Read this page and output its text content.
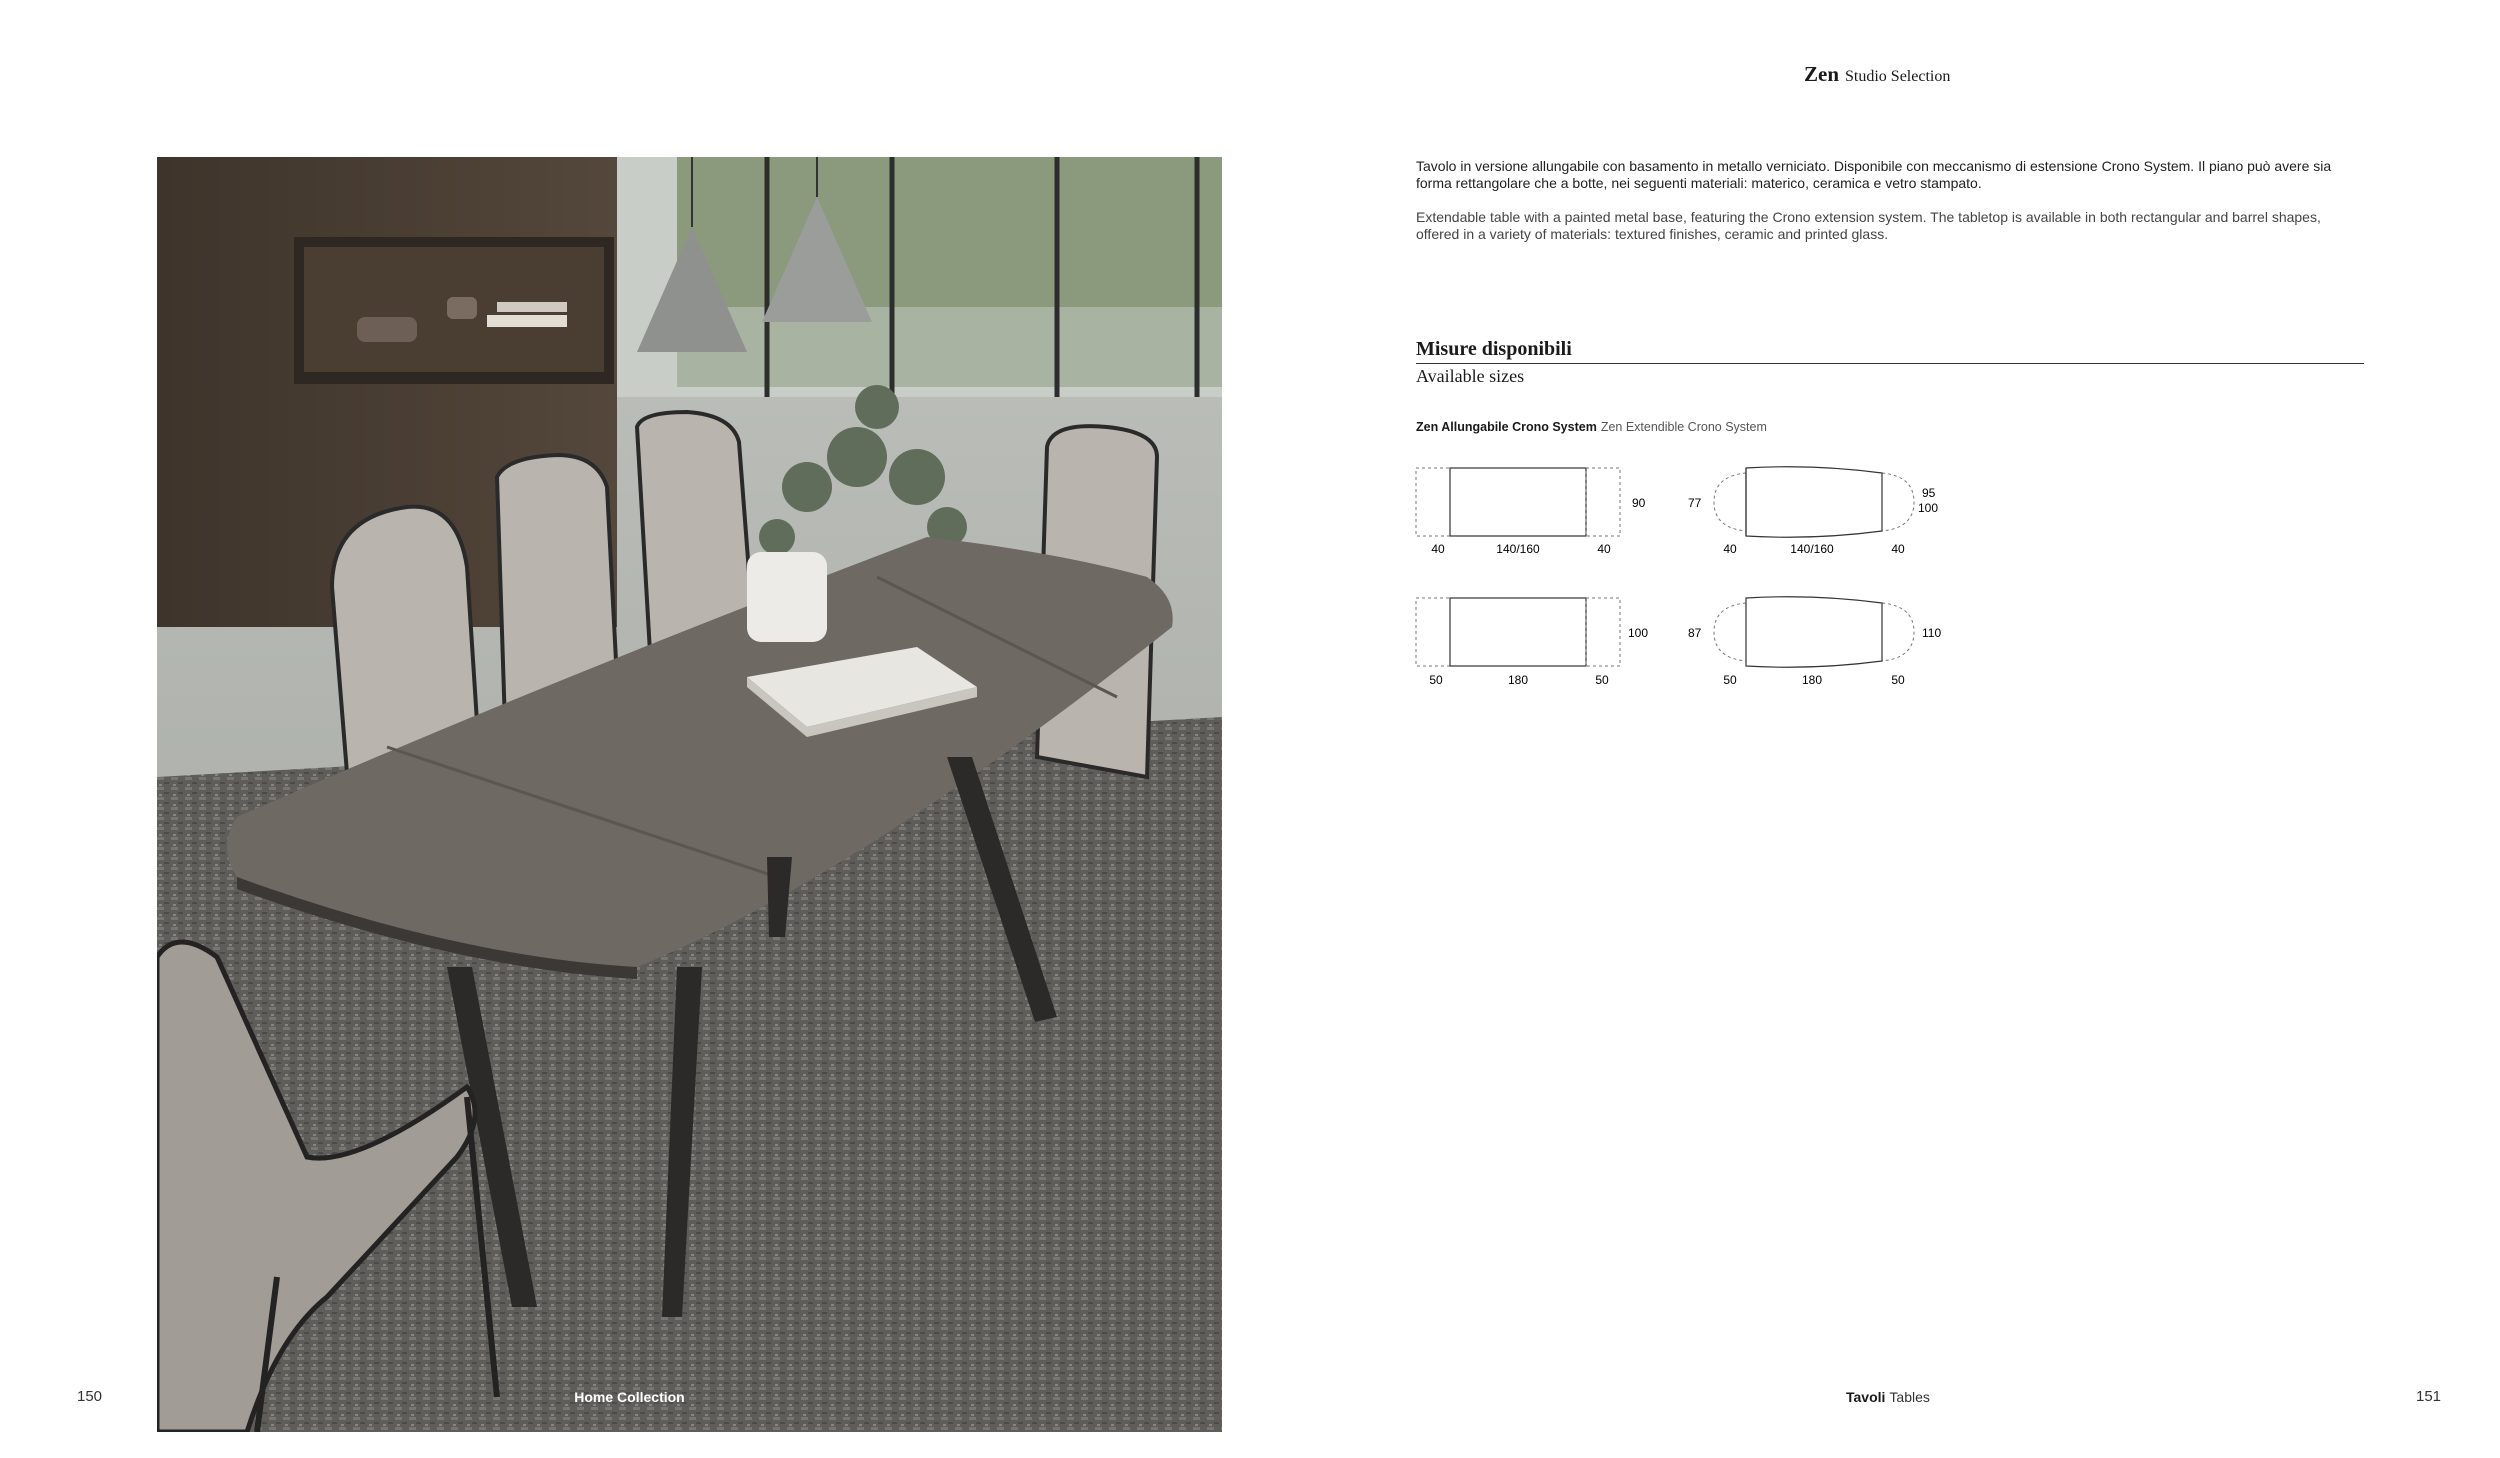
Zen Studio Selection
Home Collection
Tavolo in versione allungabile con basamento in metallo verniciato. Disponibile con meccanismo di estensione Crono System. Il piano può avere sia forma rettangolare che a botte, nei seguenti materiali: materico, ceramica e vetro stampato.
Extendable table with a painted metal base, featuring the Crono extension system. The tabletop is available in both rectangular and barrel shapes, offered in a variety of materials: textured finishes, ceramic and printed glass.
Misure disponibili
Available sizes
Zen Allungabile Crono System Zen Extendible Crono System
40	140/160	40
90	77
40	140/160	40
95
100
50	180	50
100	87
50	180	50
110
150	Tavoli Tables	151
